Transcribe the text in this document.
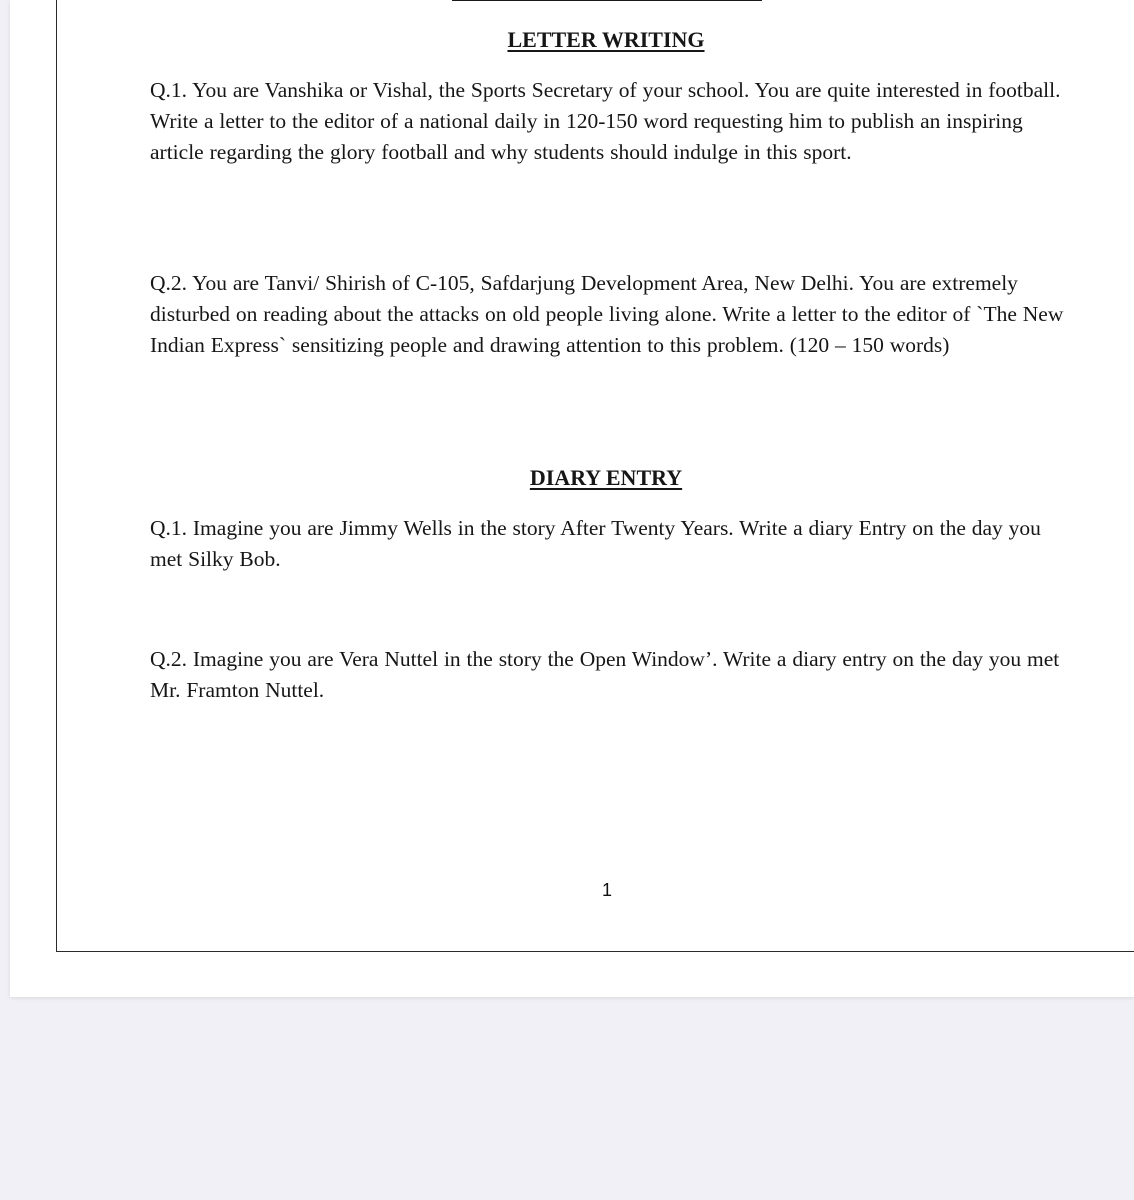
LETTER WRITING

Q.1. You are Vanshika or Vishal, the Sports Secretary of your school. You are quite interested in football. Write a letter to the editor of a national daily in 120-150 word requesting him to publish an inspiring article regarding the glory football and why students should indulge in this sport.

Q.2. You are Tanvi/ Shirish of C-105, Safdarjung Development Area, New Delhi. You are extremely disturbed on reading about the attacks on old people living alone. Write a letter to the editor of `The New Indian Express` sensitizing people and drawing attention to this problem. (120 – 150 words)

DIARY ENTRY

Q.1. Imagine you are Jimmy Wells in the story After Twenty Years. Write a diary Entry on the day you met Silky Bob.

Q.2. Imagine you are Vera Nuttel in the story the Open Window’. Write a diary entry on the day you met Mr. Framton Nuttel.

1
